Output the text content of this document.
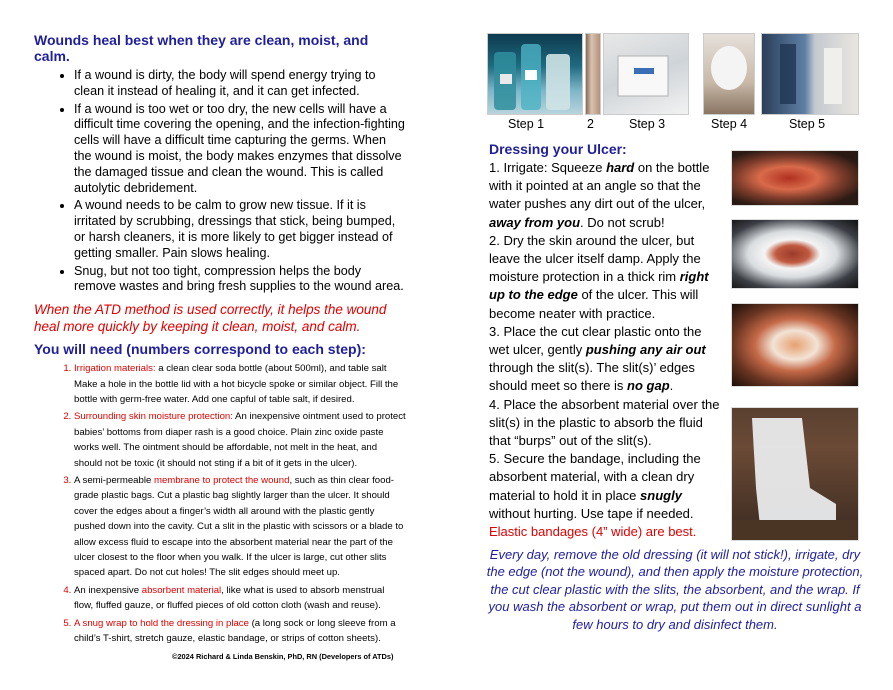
Wounds heal best when they are clean, moist, and calm.
• If a wound is dirty, the body will spend energy trying to clean it instead of healing it, and it can get infected.
• If a wound is too wet or too dry, the new cells will have a difficult time covering the opening, and the infection-fighting cells will have a difficult time capturing the germs. When the wound is moist, the body makes enzymes that dissolve the damaged tissue and clean the wound. This is called autolytic debridement.
• A wound needs to be calm to grow new tissue. If it is irritated by scrubbing, dressings that stick, being bumped, or harsh cleaners, it is more likely to get bigger instead of getting smaller. Pain slows healing.
• Snug, but not too tight, compression helps the body remove wastes and bring fresh supplies to the wound area.
When the ATD method is used correctly, it helps the wound heal more quickly by keeping it clean, moist, and calm.
You will need (numbers correspond to each step):
1. Irrigation materials: a clean clear soda bottle (about 500ml), and table salt Make a hole in the bottle lid with a hot bicycle spoke or similar object. Fill the bottle with germ-free water. Add one capful of table salt, if desired.
2. Surrounding skin moisture protection: An inexpensive ointment used to protect babies’ bottoms from diaper rash is a good choice. Plain zinc oxide paste works well. The ointment should be affordable, not melt in the heat, and should not be toxic (it should not sting if a bit of it gets in the ulcer).
3. A semi-permeable membrane to protect the wound, such as thin clear food-grade plastic bags. Cut a plastic bag slightly larger than the ulcer. It should cover the edges about a finger’s width all around with the plastic gently pushed down into the cavity. Cut a slit in the plastic with scissors or a blade to allow excess fluid to escape into the absorbent material near the part of the ulcer closest to the floor when you walk. If the ulcer is large, cut other slits spaced apart. Do not cut holes! The slit edges should meet up.
4. An inexpensive absorbent material, like what is used to absorb menstrual flow, fluffed gauze, or fluffed pieces of old cotton cloth (wash and reuse).
5. A snug wrap to hold the dressing in place (a long sock or long sleeve from a child’s T-shirt, stretch gauze, elastic bandage, or strips of cotton sheets).
©2024 Richard & Linda Benskin, PhD, RN (Developers of ATDs)
Step 1	2	Step 3	Step 4	Step 5
Dressing your Ulcer:

1. Irrigate: Squeeze hard on the bottle with it pointed at an angle so that the water pushes any dirt out of the ulcer, away from you. Do not scrub!

2. Dry the skin around the ulcer, but leave the ulcer itself damp. Apply the moisture protection in a thick rim right up to the edge of the ulcer. This will become neater with practice.

3. Place the cut clear plastic onto the wet ulcer, gently pushing any air out through the slit(s). The slit(s)’ edges should meet so there is no gap.

4. Place the absorbent material over the slit(s) in the plastic to absorb the fluid that “burps” out of the slit(s).

5. Secure the bandage, including the absorbent material, with a clean dry material to hold it in place snugly without hurting. Use tape if needed.

Elastic bandages (4” wide) are best.

Every day, remove the old dressing (it will not stick!), irrigate, dry the edge (not the wound), and then apply the moisture protection, the cut clear plastic with the slits, the absorbent, and the wrap. If you wash the absorbent or wrap, put them out in direct sunlight a few hours to dry and disinfect them.
